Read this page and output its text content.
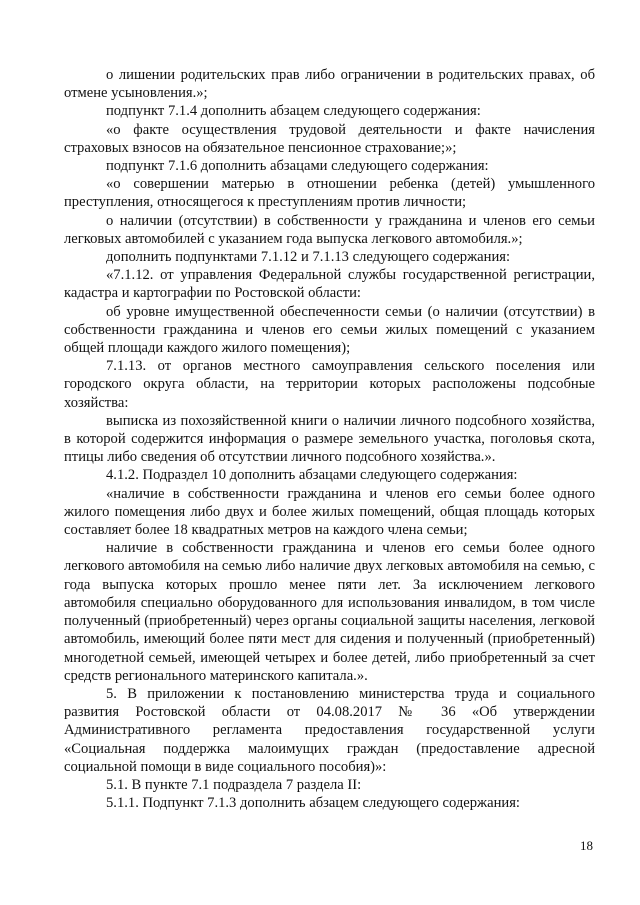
о лишении родительских прав либо ограничении в родительских правах, об отмене усыновления.»;

подпункт 7.1.4 дополнить абзацем следующего содержания:

«о факте осуществления трудовой деятельности и факте начисления страховых взносов на обязательное пенсионное страхование;»;

подпункт 7.1.6 дополнить абзацами следующего содержания:

«о совершении матерью в отношении ребенка (детей) умышленного преступления, относящегося к преступлениям против личности;

о наличии (отсутствии) в собственности у гражданина и членов его семьи легковых автомобилей с указанием года выпуска легкового автомобиля.»;

дополнить подпунктами 7.1.12 и 7.1.13 следующего содержания:

«7.1.12. от управления Федеральной службы государственной регистрации, кадастра и картографии по Ростовской области:

об уровне имущественной обеспеченности семьи (о наличии (отсутствии) в собственности гражданина и членов его семьи жилых помещений с указанием общей площади каждого жилого помещения);

7.1.13. от органов местного самоуправления сельского поселения или городского округа области, на территории которых расположены подсобные хозяйства:

выписка из похозяйственной книги о наличии личного подсобного хозяйства, в которой содержится информация о размере земельного участка, поголовья скота, птицы либо сведения об отсутствии личного подсобного хозяйства.».

4.1.2. Подраздел 10 дополнить абзацами следующего содержания:

«наличие в собственности гражданина и членов его семьи более одного жилого помещения либо двух и более жилых помещений, общая площадь которых составляет более 18 квадратных метров на каждого члена семьи;

наличие в собственности гражданина и членов его семьи более одного легкового автомобиля на семью либо наличие двух легковых автомобиля на семью, с года выпуска которых прошло менее пяти лет. За исключением легкового автомобиля специально оборудованного для использования инвалидом, в том числе полученный (приобретенный) через органы социальной защиты населения, легковой автомобиль, имеющий более пяти мест для сидения и полученный (приобретенный) многодетной семьей, имеющей четырех и более детей, либо приобретенный за счет средств регионального материнского капитала.».

5. В приложении к постановлению министерства труда и социального развития Ростовской области от 04.08.2017 № 36 «Об утверждении Административного регламента предоставления государственной услуги «Социальная поддержка малоимущих граждан (предоставление адресной социальной помощи в виде социального пособия)»:

5.1. В пункте 7.1 подраздела 7 раздела II:

5.1.1. Подпункт 7.1.3 дополнить абзацем следующего содержания:

18
